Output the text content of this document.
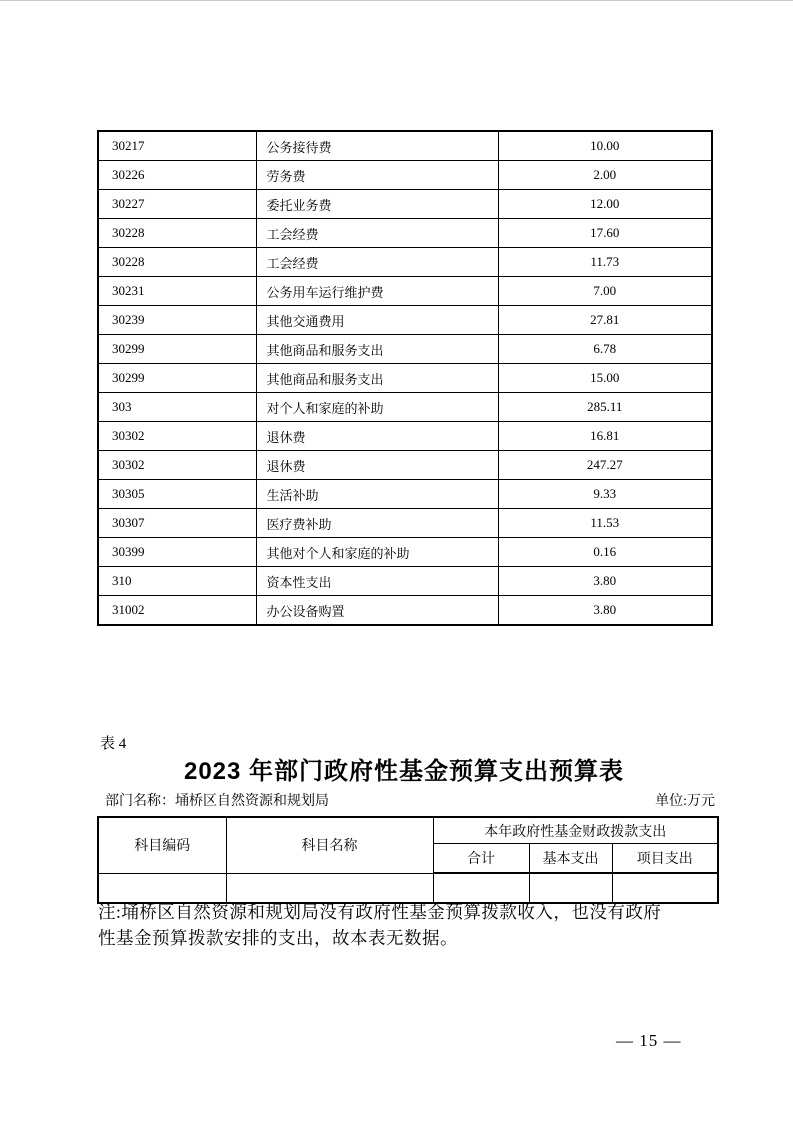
30217	公务接待费	10.00
30226	劳务费	2.00
30227	委托业务费	12.00
30228	工会经费	17.60
30228	工会经费	11.73
30231	公务用车运行维护费	7.00
30239	其他交通费用	27.81
30299	其他商品和服务支出	6.78
30299	其他商品和服务支出	15.00
303	对个人和家庭的补助	285.11
30302	退休费	16.81
30302	退休费	247.27
30305	生活补助	9.33
30307	医疗费补助	11.53
30399	其他对个人和家庭的补助	0.16
310	资本性支出	3.80
31002	办公设备购置	3.80
表 4
2023 年部门政府性基金预算支出预算表
部门名称：埇桥区自然资源和规划局	单位:万元
科目编码	科目名称	本年政府性基金财政拨款支出		
		合计	基本支出	项目支出

注:埇桥区自然资源和规划局没有政府性基金预算拨款收入，也没有政府
性基金预算拨款安排的支出，故本表无数据。
— 15 —
